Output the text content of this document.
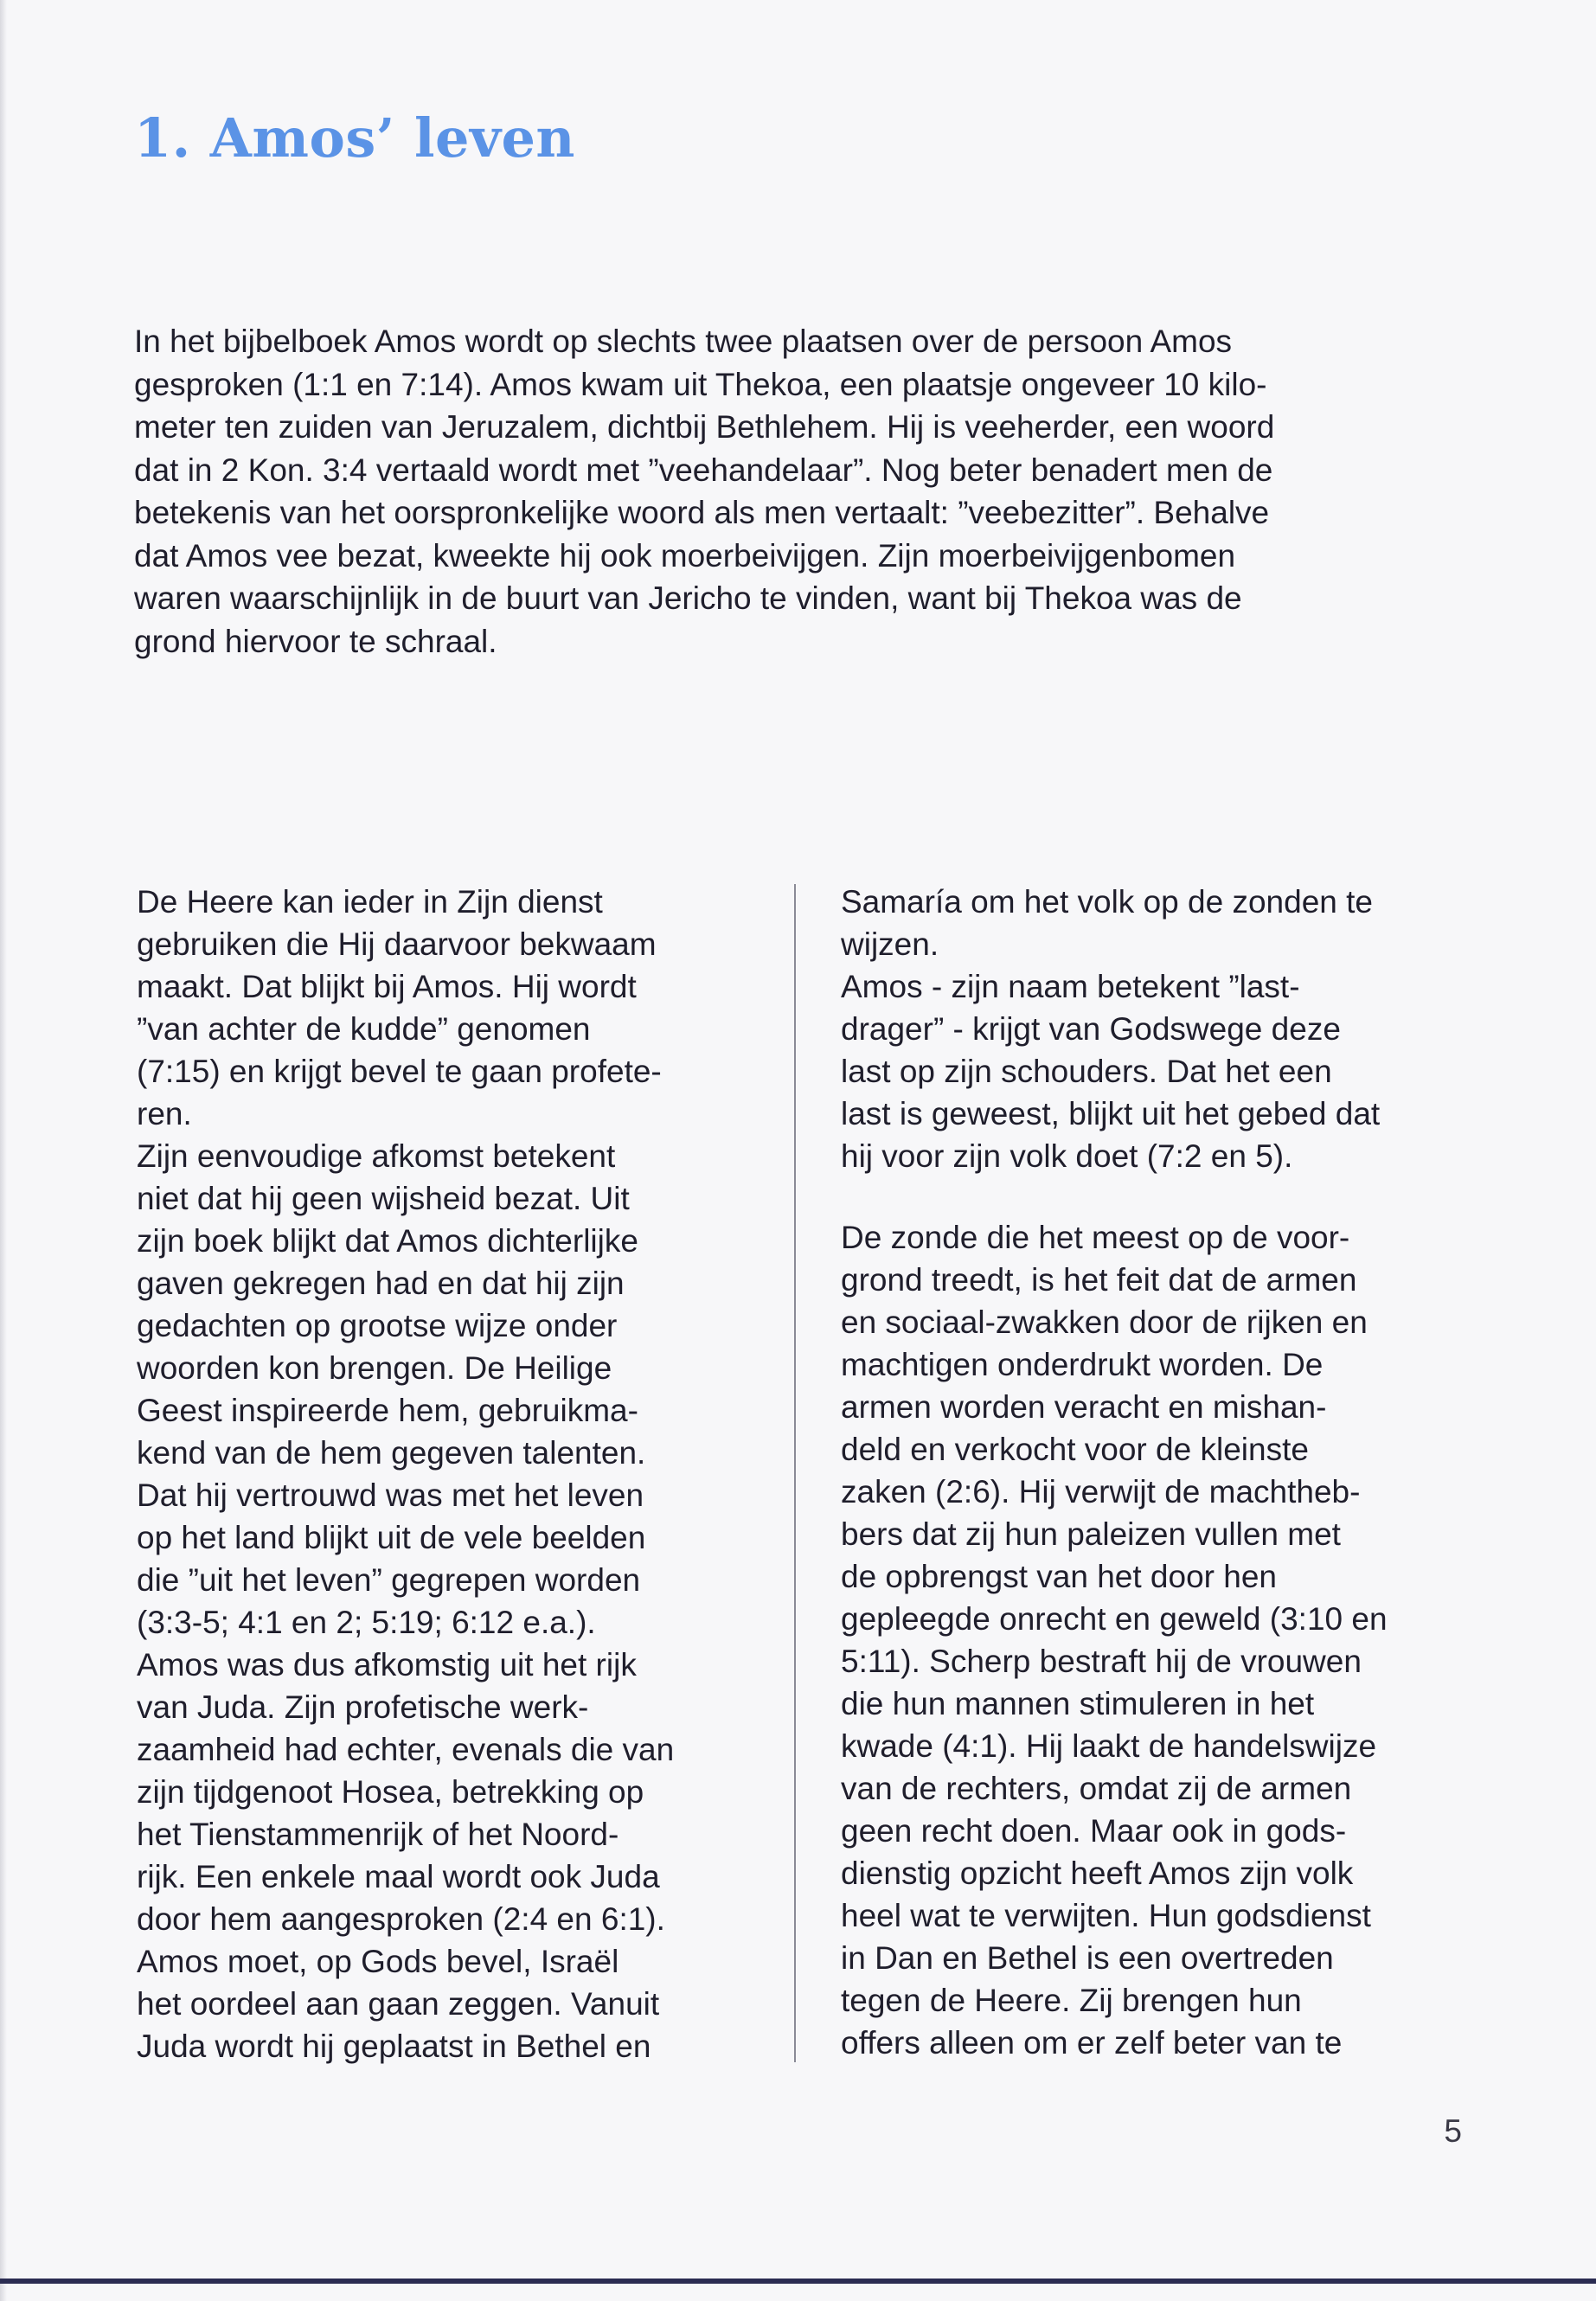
1. Amos’ leven
In het bijbelboek Amos wordt op slechts twee plaatsen over de persoon Amos
gesproken (1:1 en 7:14). Amos kwam uit Thekoa, een plaatsje ongeveer 10 kilo-
meter ten zuiden van Jeruzalem, dichtbij Bethlehem. Hij is veeherder, een woord
dat in 2 Kon. 3:4 vertaald wordt met ”veehandelaar”. Nog beter benadert men de
betekenis van het oorspronkelijke woord als men vertaalt: ”veebezitter”. Behalve
dat Amos vee bezat, kweekte hij ook moerbeivijgen. Zijn moerbeivijgenbomen
waren waarschijnlijk in de buurt van Jericho te vinden, want bij Thekoa was de
grond hiervoor te schraal.
De Heere kan ieder in Zijn dienst
gebruiken die Hij daarvoor bekwaam
maakt. Dat blijkt bij Amos. Hij wordt
”van achter de kudde” genomen
(7:15) en krijgt bevel te gaan profete-
ren.
Zijn eenvoudige afkomst betekent
niet dat hij geen wijsheid bezat. Uit
zijn boek blijkt dat Amos dichterlijke
gaven gekregen had en dat hij zijn
gedachten op grootse wijze onder
woorden kon brengen. De Heilige
Geest inspireerde hem, gebruikma-
kend van de hem gegeven talenten.
Dat hij vertrouwd was met het leven
op het land blijkt uit de vele beelden
die ”uit het leven” gegrepen worden
(3:3-5; 4:1 en 2; 5:19; 6:12 e.a.).
Amos was dus afkomstig uit het rijk
van Juda. Zijn profetische werk-
zaamheid had echter, evenals die van
zijn tijdgenoot Hosea, betrekking op
het Tienstammenrijk of het Noord-
rijk. Een enkele maal wordt ook Juda
door hem aangesproken (2:4 en 6:1).
Amos moet, op Gods bevel, Israël
het oordeel aan gaan zeggen. Vanuit
Juda wordt hij geplaatst in Bethel en
Samaría om het volk op de zonden te
wijzen.
Amos - zijn naam betekent ”last-
drager” - krijgt van Godswege deze
last op zijn schouders. Dat het een
last is geweest, blijkt uit het gebed dat
hij voor zijn volk doet (7:2 en 5).
De zonde die het meest op de voor-
grond treedt, is het feit dat de armen
en sociaal-zwakken door de rijken en
machtigen onderdrukt worden. De
armen worden veracht en mishan-
deld en verkocht voor de kleinste
zaken (2:6). Hij verwijt de machtheb-
bers dat zij hun paleizen vullen met
de opbrengst van het door hen
gepleegde onrecht en geweld (3:10 en
5:11). Scherp bestraft hij de vrouwen
die hun mannen stimuleren in het
kwade (4:1). Hij laakt de handelswijze
van de rechters, omdat zij de armen
geen recht doen. Maar ook in gods-
dienstig opzicht heeft Amos zijn volk
heel wat te verwijten. Hun godsdienst
in Dan en Bethel is een overtreden
tegen de Heere. Zij brengen hun
offers alleen om er zelf beter van te
5
